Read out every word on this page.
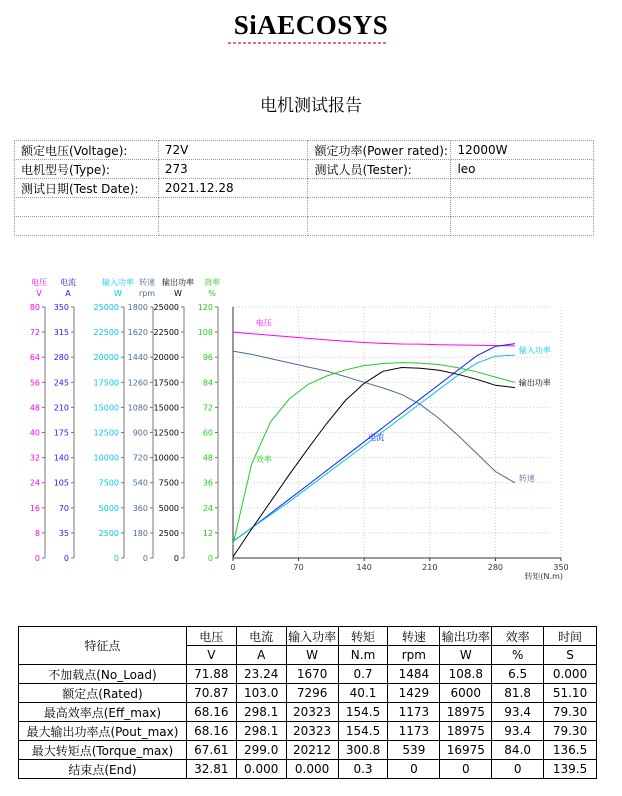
SiAECOSYS
电机测试报告
额定电压(Voltage):	72V	额定功率(Power rated):	12000W
电机型号(Type):	273	测试人员(Tester):	leo
测试日期(Test Date):	2021.12.28		

电压
V
0
8
16
24
32
40
48
56
64
72
80
电流
A
0
35
70
105
140
175
210
245
280
315
350
输入功率
W
0
2500
5000
7500
10000
12500
15000
17500
20000
22500
25000
转速
rpm
0
180
360
540
720
900
1080
1260
1440
1620
1800
输出功率
W
0
2500
5000
7500
10000
12500
15000
17500
20000
22500
25000
效率
%
0
12
24
36
48
60
72
84
96
108
120
0	70	140	210	280	350
转矩(N.m)
电压
电流
输入功率
转速
输出功率
效率
特征点	电压	电流	输入功率	转矩	转速	输出功率	效率	时间
	V	A	W	N.m	rpm	W	%	S
不加载点(No_Load)	71.88	23.24	1670	0.7	1484	108.8	6.5	0.000
额定点(Rated)	70.87	103.0	7296	40.1	1429	6000	81.8	51.10
最高效率点(Eff_max)	68.16	298.1	20323	154.5	1173	18975	93.4	79.30
最大输出功率点(Pout_max)	68.16	298.1	20323	154.5	1173	18975	93.4	79.30
最大转矩点(Torque_max)	67.61	299.0	20212	300.8	539	16975	84.0	136.5
结束点(End)	32.81	0.000	0.000	0.3	0	0	0	139.5
